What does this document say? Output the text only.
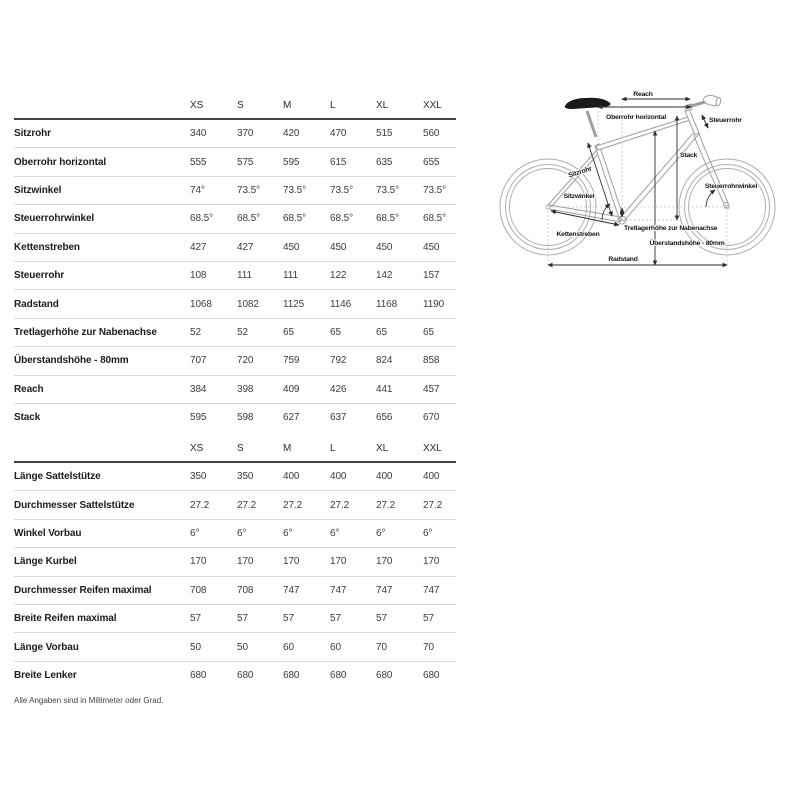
	XS	S	M	L	XL	XXL
Sitzrohr	340	370	420	470	515	560
Oberrohr horizontal	555	575	595	615	635	655
Sitzwinkel	74°	73.5°	73.5°	73.5°	73.5°	73.5°
Steuerrohrwinkel	68.5°	68.5°	68.5°	68.5°	68.5°	68.5°
Kettenstreben	427	427	450	450	450	450
Steuerrohr	108	111	111	122	142	157
Radstand	1068	1082	1125	1146	1168	1190
Tretlagerhöhe zur Nabenachse	52	52	65	65	65	65
Überstandshöhe - 80mm	707	720	759	792	824	858
Reach	384	398	409	426	441	457
Stack	595	598	627	637	656	670
	XS	S	M	L	XL	XXL
Länge Sattelstütze	350	350	400	400	400	400
Durchmesser Sattelstütze	27.2	27.2	27.2	27.2	27.2	27.2
Winkel Vorbau	6°	6°	6°	6°	6°	6°
Länge Kurbel	170	170	170	170	170	170
Durchmesser Reifen maximal	708	708	747	747	747	747
Breite Reifen maximal	57	57	57	57	57	57
Länge Vorbau	50	50	60	60	70	70
Breite Lenker	680	680	680	680	680	680
Alle Angaben sind in Millimeter oder Grad.
Reach
Oberrohr horizontal	Steuerrohr
Stack
Sitzrohr
Sitzwinkel
Steuerrohrwinkel
Tretlagerhöhe zur Nabenachse
Überstandshöhe - 80mm
Kettenstreben
Radstand
